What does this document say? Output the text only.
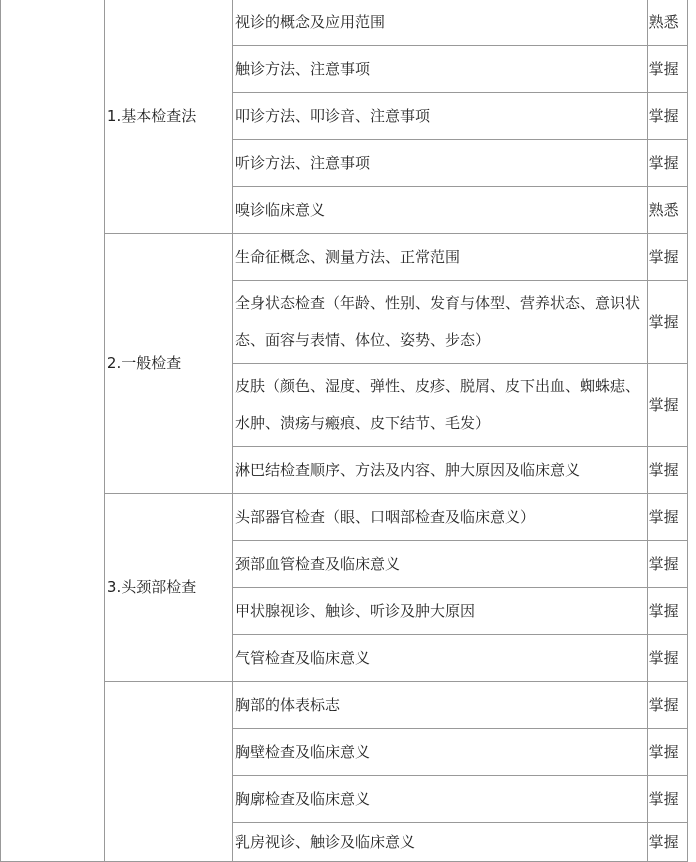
	1.基本检查法	视诊的概念及应用范围	熟悉
		触诊方法、注意事项	掌握
		叩诊方法、叩诊音、注意事项	掌握
		听诊方法、注意事项	掌握
		嗅诊临床意义	熟悉
	2.一般检查	生命征概念、测量方法、正常范围	掌握
		全身状态检查（年龄、性别、发育与体型、营养状态、意识状态、面容与表情、体位、姿势、步态）	掌握
		皮肤（颜色、湿度、弹性、皮疹、脱屑、皮下出血、蜘蛛痣、水肿、溃疡与瘢痕、皮下结节、毛发）	掌握
		淋巴结检查顺序、方法及内容、肿大原因及临床意义	掌握
	3.头颈部检查	头部器官检查（眼、口咽部检查及临床意义）	掌握
		颈部血管检查及临床意义	掌握
		甲状腺视诊、触诊、听诊及肿大原因	掌握
		气管检查及临床意义	掌握
		胸部的体表标志	掌握
		胸壁检查及临床意义	掌握
		胸廓检查及临床意义	掌握
		乳房视诊、触诊及临床意义	掌握
